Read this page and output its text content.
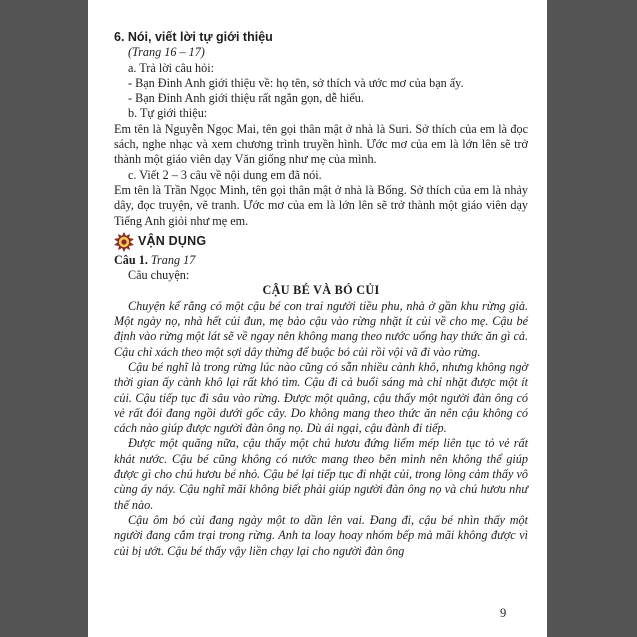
6. Nói, viết lời tự giới thiệu

(Trang 16 – 17)

a. Trả lời câu hỏi:

- Bạn Đinh Anh giới thiệu về: họ tên, sở thích và ước mơ của bạn ấy.

- Bạn Đinh Anh giới thiệu rất ngắn gọn, dễ hiểu.

b. Tự giới thiệu:

Em tên là Nguyễn Ngọc Mai, tên gọi thân mật ở nhà là Suri. Sở thích của em là đọc sách, nghe nhạc và xem chương trình truyền hình. Ước mơ của em là lớn lên sẽ trở thành một giáo viên dạy Văn giống như mẹ của mình.

c. Viết 2 – 3 câu về nội dung em đã nói.

Em tên là Trần Ngọc Minh, tên gọi thân mật ở nhà là Bống. Sở thích của em là nhảy dây, đọc truyện, vẽ tranh. Ước mơ của em là lớn lên sẽ trở thành một giáo viên dạy Tiếng Anh giỏi như mẹ em.

VẬN DỤNG

Câu 1. Trang 17

Câu chuyện:

CẬU BÉ VÀ BÓ CỦI

Chuyện kể rằng có một cậu bé con trai người tiều phu, nhà ở gần khu rừng già. Một ngày nọ, nhà hết củi đun, mẹ bảo cậu vào rừng nhặt ít củi về cho mẹ. Cậu bé định vào rừng một lát sẽ về ngay nên không mang theo nước uống hay thức ăn gì cả. Cậu chỉ xách theo một sợi dây thừng để buộc bó củi rồi vội vã đi vào rừng.

Cậu bé nghĩ là trong rừng lúc nào cũng có sẵn nhiều cành khô, nhưng không ngờ thời gian ấy cành khô lại rất khó tìm. Cậu đi cả buổi sáng mà chỉ nhặt được một ít củi. Cậu tiếp tục đi sâu vào rừng. Được một quãng, cậu thấy một người đàn ông có vẻ rất đói đang ngồi dưới gốc cây. Do không mang theo thức ăn nên cậu không có cách nào giúp được người đàn ông nọ. Dù ái ngại, cậu đành đi tiếp.

Được một quãng nữa, cậu thấy một chú hươu đứng liếm mép liên tục tỏ vẻ rất khát nước. Cậu bé cũng không có nước mang theo bên mình nên không thể giúp được gì cho chú hươu bé nhỏ. Cậu bé lại tiếp tục đi nhặt củi, trong lòng cảm thấy vô cùng áy náy. Cậu nghĩ mãi không biết phải giúp người đàn ông nọ và chú hươu như thế nào.

Cậu ôm bó củi đang ngày một to dần lên vai. Đang đi, cậu bé nhìn thấy một người đang cắm trại trong rừng. Anh ta loay hoay nhóm bếp mà mãi không được vì củi bị ướt. Cậu bé thấy vậy liền chạy lại cho người đàn ông

9
